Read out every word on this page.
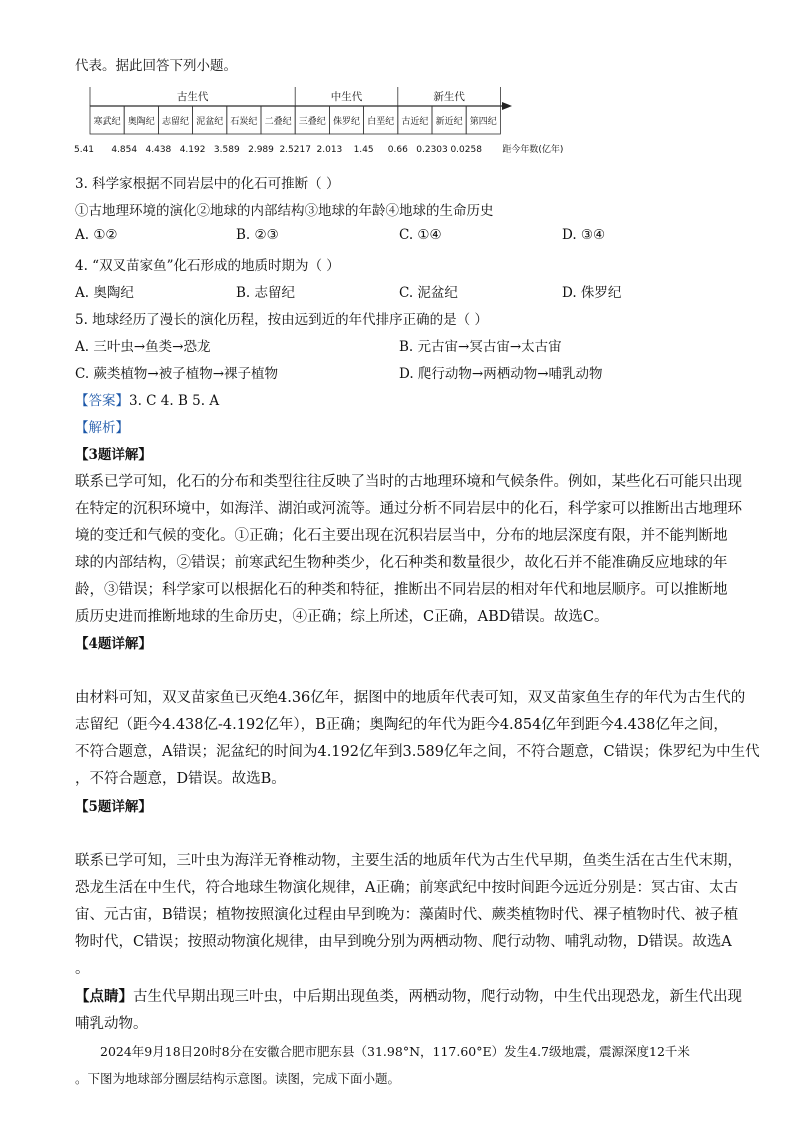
代表。据此回答下列小题。
古生代	中生代	新生代
寒武纪 奥陶纪 志留纪 泥盆纪 石炭纪 二叠纪 三叠纪 侏罗纪 白垩纪 古近纪 新近纪 第四纪
5.41 4.854 4.438 4.192 3.589 2.989 2.5217 2.013 1.45 0.66 0.2303 0.0258 距今年数(亿年)
3. 科学家根据不同岩层中的化石可推断（ ）
①古地理环境的演化②地球的内部结构③地球的年龄④地球的生命历史
A. ①②	B. ②③	C. ①④	D. ③④
4. “双叉苗家鱼”化石形成的地质时期为（ ）
A. 奥陶纪	B. 志留纪	C. 泥盆纪	D. 侏罗纪
5. 地球经历了漫长的演化历程，按由远到近的年代排序正确的是（ ）
A. 三叶虫→鱼类→恐龙	B. 元古宙→冥古宙→太古宙
C. 蕨类植物→被子植物→裸子植物	D. 爬行动物→两栖动物→哺乳动物
【答案】3. C 4. B 5. A
【解析】
【3题详解】
联系已学可知，化石的分布和类型往往反映了当时的古地理环境和气候条件。例如，某些化石可能只出现
在特定的沉积环境中，如海洋、湖泊或河流等。通过分析不同岩层中的化石，科学家可以推断出古地理环
境的变迁和气候的变化。①正确；化石主要出现在沉积岩层当中，分布的地层深度有限，并不能判断地
球的内部结构，②错误；前寒武纪生物种类少，化石种类和数量很少，故化石并不能准确反应地球的年
龄，③错误；科学家可以根据化石的种类和特征，推断出不同岩层的相对年代和地层顺序。可以推断地
质历史进而推断地球的生命历史，④正确；综上所述，C正确，ABD错误。故选C。
【4题详解】
由材料可知，双叉苗家鱼已灭绝4.36亿年，据图中的地质年代表可知，双叉苗家鱼生存的年代为古生代的
志留纪（距今4.438亿-4.192亿年），B正确；奥陶纪的年代为距今4.854亿年到距今4.438亿年之间，
不符合题意，A错误；泥盆纪的时间为4.192亿年到3.589亿年之间，不符合题意，C错误；侏罗纪为中生代
，不符合题意，D错误。故选B。
【5题详解】
联系已学可知，三叶虫为海洋无脊椎动物，主要生活的地质年代为古生代早期，鱼类生活在古生代末期，
恐龙生活在中生代，符合地球生物演化规律，A正确；前寒武纪中按时间距今远近分别是：冥古宙、太古
宙、元古宙，B错误；植物按照演化过程由早到晚为：藻菌时代、蕨类植物时代、裸子植物时代、被子植
物时代，C错误；按照动物演化规律，由早到晚分别为两栖动物、爬行动物、哺乳动物，D错误。故选A
。
【点睛】古生代早期出现三叶虫，中后期出现鱼类，两栖动物，爬行动物，中生代出现恐龙，新生代出现
哺乳动物。
2024年9月18日20时8分在安徽合肥市肥东县（31.98°N，117.60°E）发生4.7级地震，震源深度12千米
。下图为地球部分圈层结构示意图。读图，完成下面小题。
